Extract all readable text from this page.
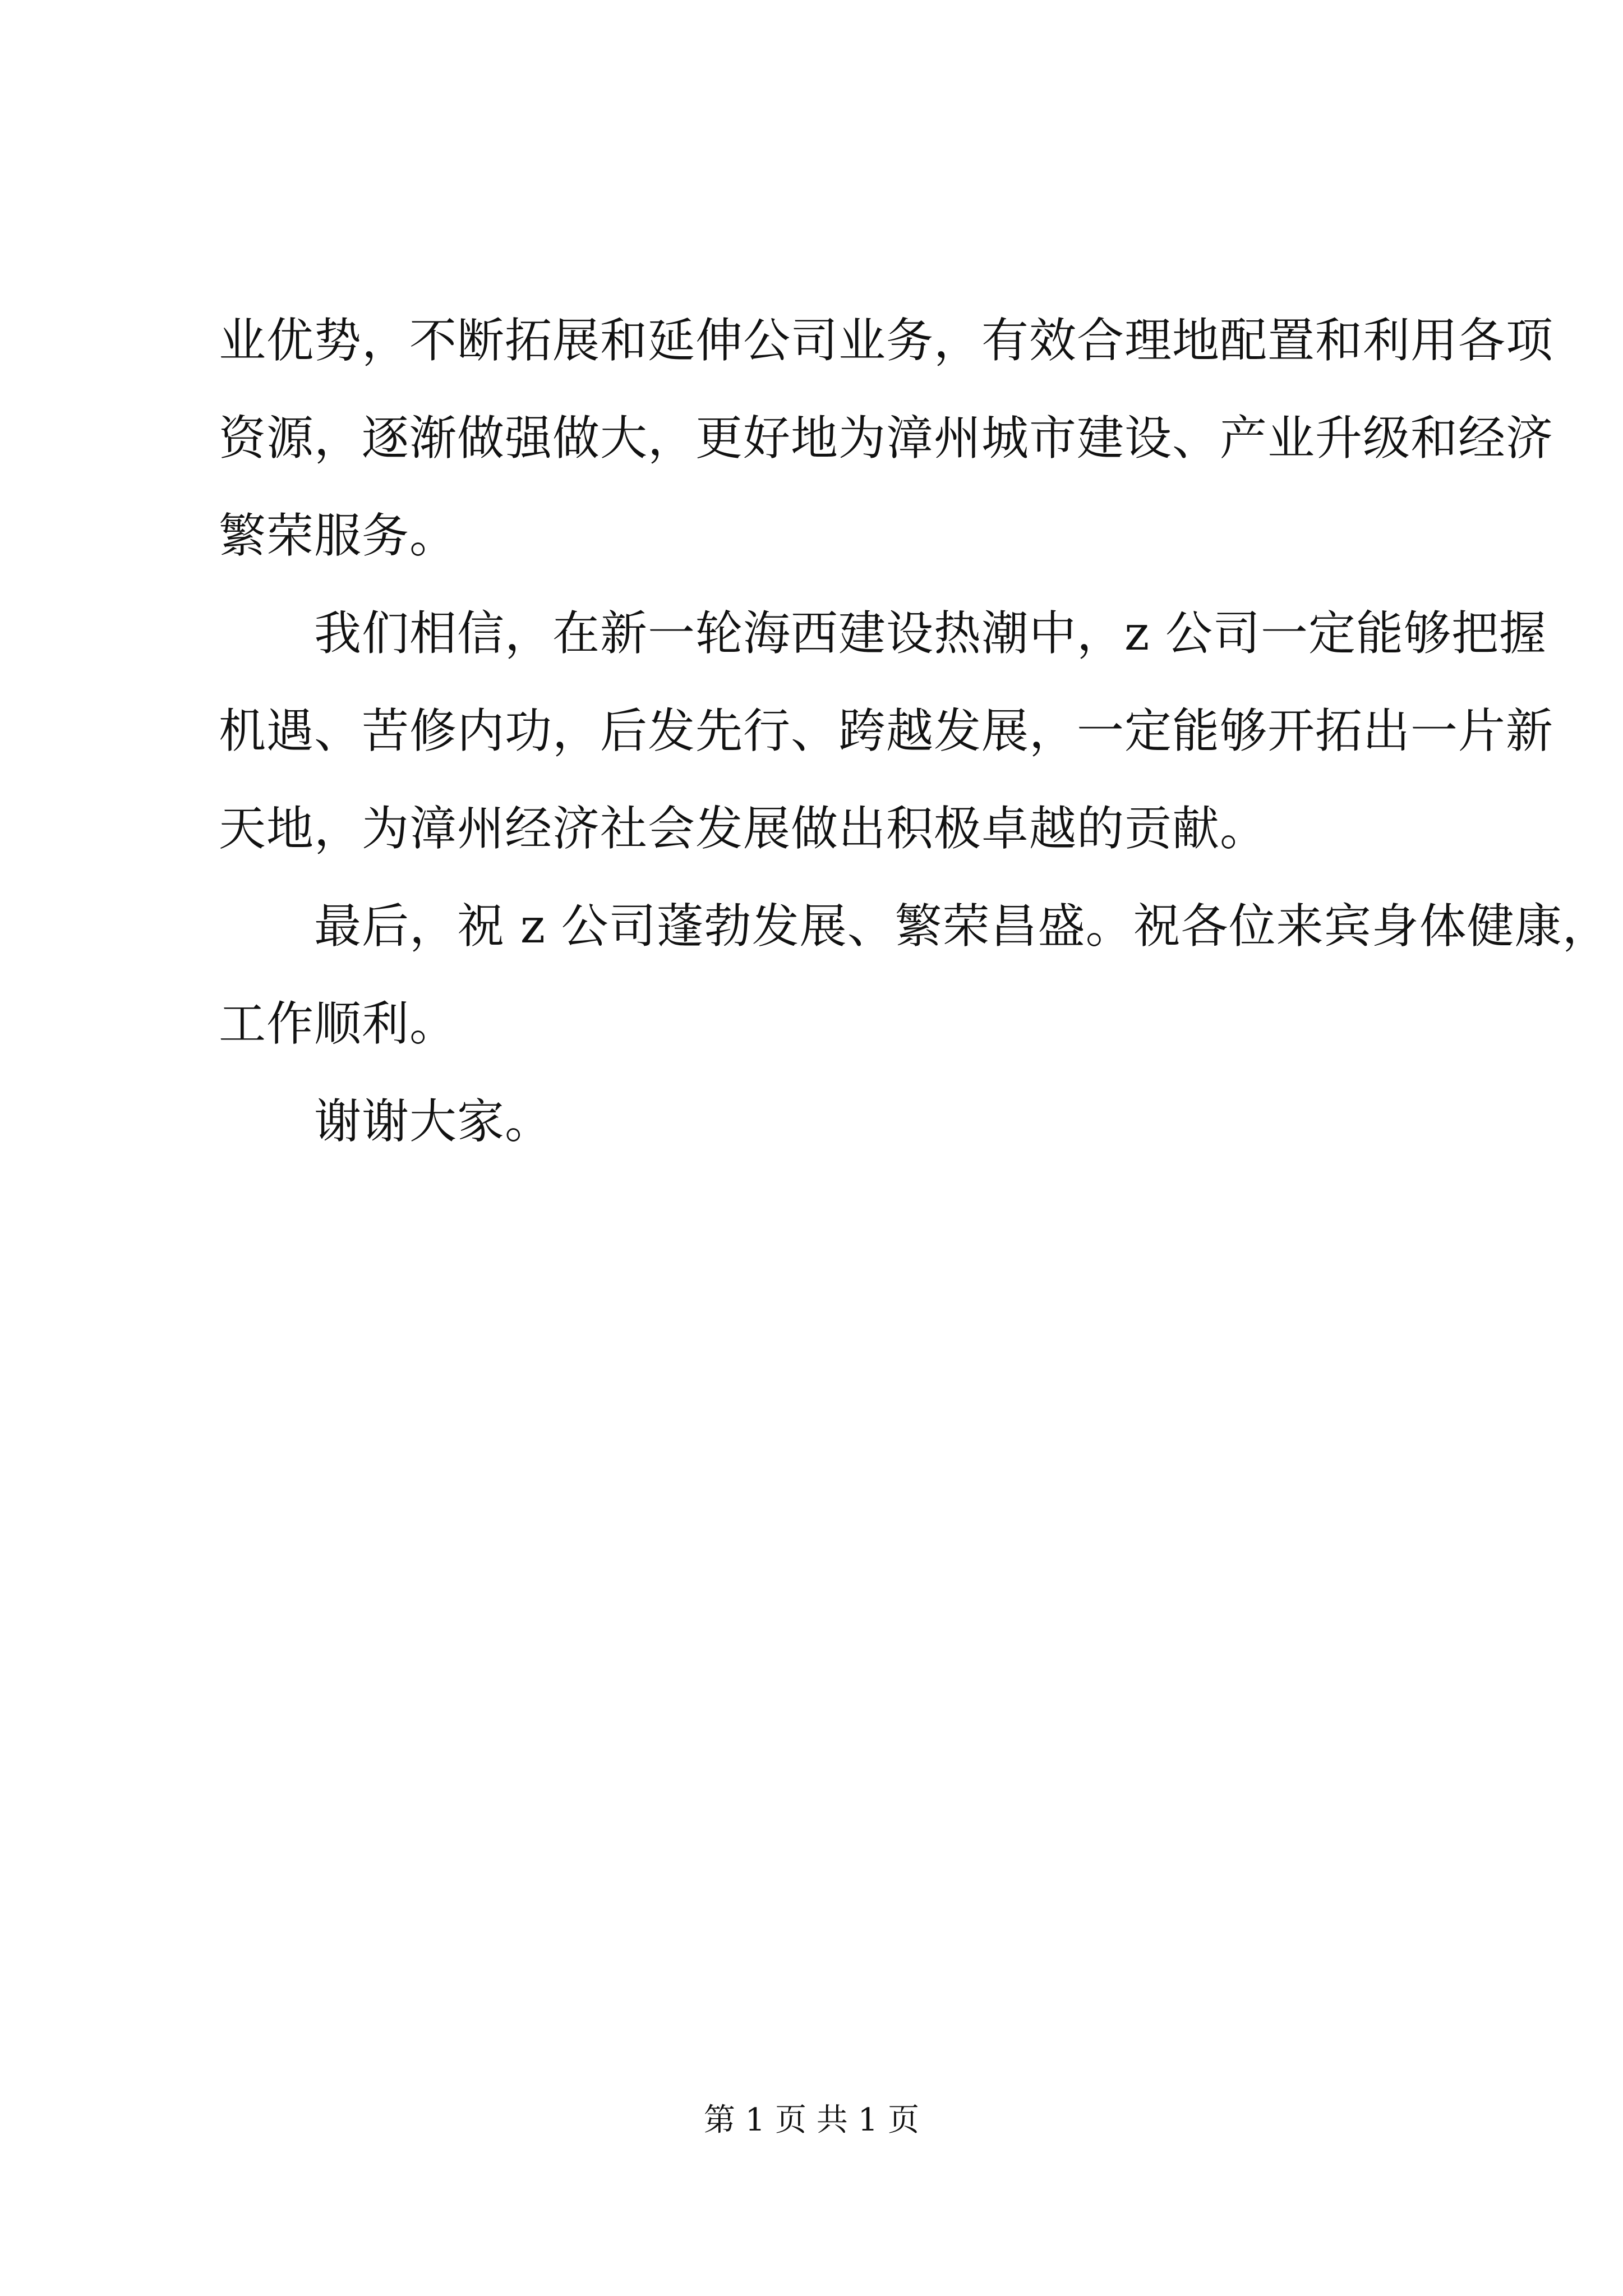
业优势，不断拓展和延伸公司业务，有效合理地配置和利用各项
资源，逐渐做强做大，更好地为漳州城市建设、产业升级和经济
繁荣服务。
我们相信，在新一轮海西建设热潮中，z 公司一定能够把握
机遇、苦修内功，后发先行、跨越发展，一定能够开拓出一片新
天地，为漳州经济社会发展做出积极卓越的贡献。
最后，祝 z 公司蓬勃发展、繁荣昌盛。祝各位来宾身体健康，
工作顺利。
谢谢大家。
第 1 页 共 1 页
